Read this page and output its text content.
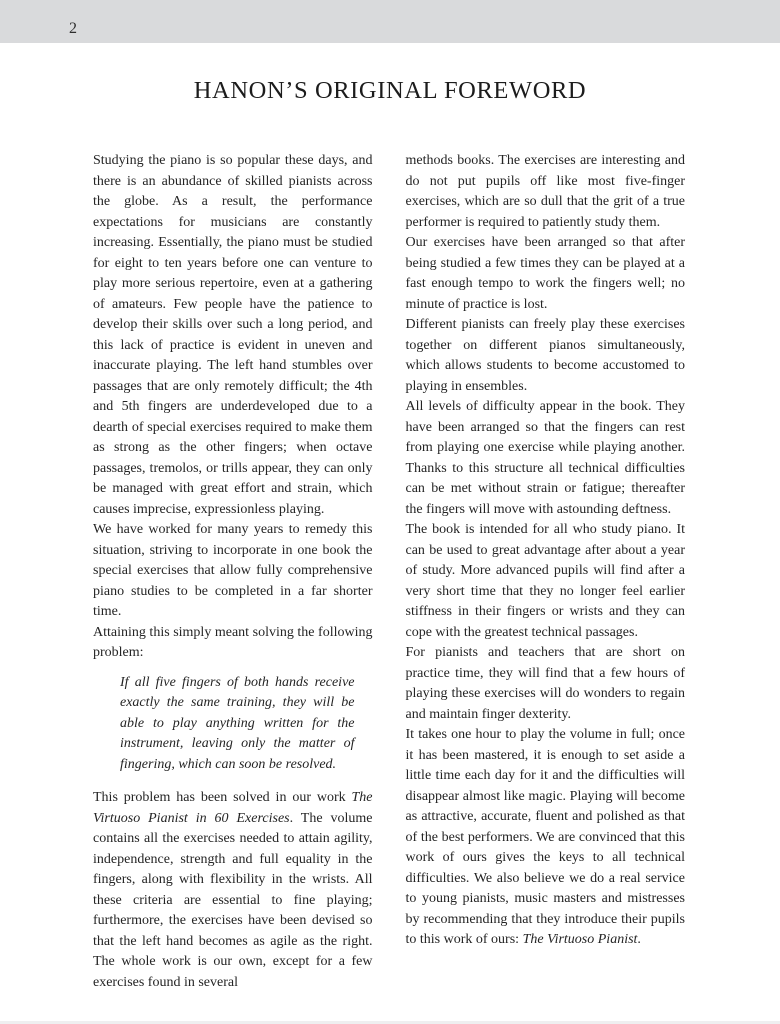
2
HANON’S ORIGINAL FOREWORD

Studying the piano is so popular these days, and there is an abundance of skilled pianists across the globe. As a result, the performance expectations for musicians are constantly increasing. Essentially, the piano must be studied for eight to ten years before one can venture to play more serious repertoire, even at a gathering of amateurs. Few people have the patience to develop their skills over such a long period, and this lack of practice is evident in uneven and inaccurate playing. The left hand stumbles over passages that are only remotely difficult; the 4th and 5th fingers are underdeveloped due to a dearth of special exercises required to make them as strong as the other fingers; when octave passages, tremolos, or trills appear, they can only be managed with great effort and strain, which causes imprecise, expressionless playing.

We have worked for many years to remedy this situation, striving to incorporate in one book the special exercises that allow fully comprehensive piano studies to be completed in a far shorter time.

Attaining this simply meant solving the following problem:

If all five fingers of both hands receive exactly the same training, they will be able to play anything written for the instrument, leaving only the matter of fingering, which can soon be resolved.

This problem has been solved in our work The Virtuoso Pianist in 60 Exercises. The volume contains all the exercises needed to attain agility, independence, strength and full equality in the fingers, along with flexibility in the wrists. All these criteria are essential to fine playing; furthermore, the exercises have been devised so that the left hand becomes as agile as the right. The whole work is our own, except for a few exercises found in several

methods books. The exercises are interesting and do not put pupils off like most five-finger exercises, which are so dull that the grit of a true performer is required to patiently study them.

Our exercises have been arranged so that after being studied a few times they can be played at a fast enough tempo to work the fingers well; no minute of practice is lost.

Different pianists can freely play these exercises together on different pianos simultaneously, which allows students to become accustomed to playing in ensembles.

All levels of difficulty appear in the book. They have been arranged so that the fingers can rest from playing one exercise while playing another. Thanks to this structure all technical difficulties can be met without strain or fatigue; thereafter the fingers will move with astounding deftness.

The book is intended for all who study piano. It can be used to great advantage after about a year of study. More advanced pupils will find after a very short time that they no longer feel earlier stiffness in their fingers or wrists and they can cope with the greatest technical passages.

For pianists and teachers that are short on practice time, they will find that a few hours of playing these exercises will do wonders to regain and maintain finger dexterity.

It takes one hour to play the volume in full; once it has been mastered, it is enough to set aside a little time each day for it and the difficulties will disappear almost like magic. Playing will become as attractive, accurate, fluent and polished as that of the best performers. We are convinced that this work of ours gives the keys to all technical difficulties. We also believe we do a real service to young pianists, music masters and mistresses by recommending that they introduce their pupils to this work of ours: The Virtuoso Pianist.
